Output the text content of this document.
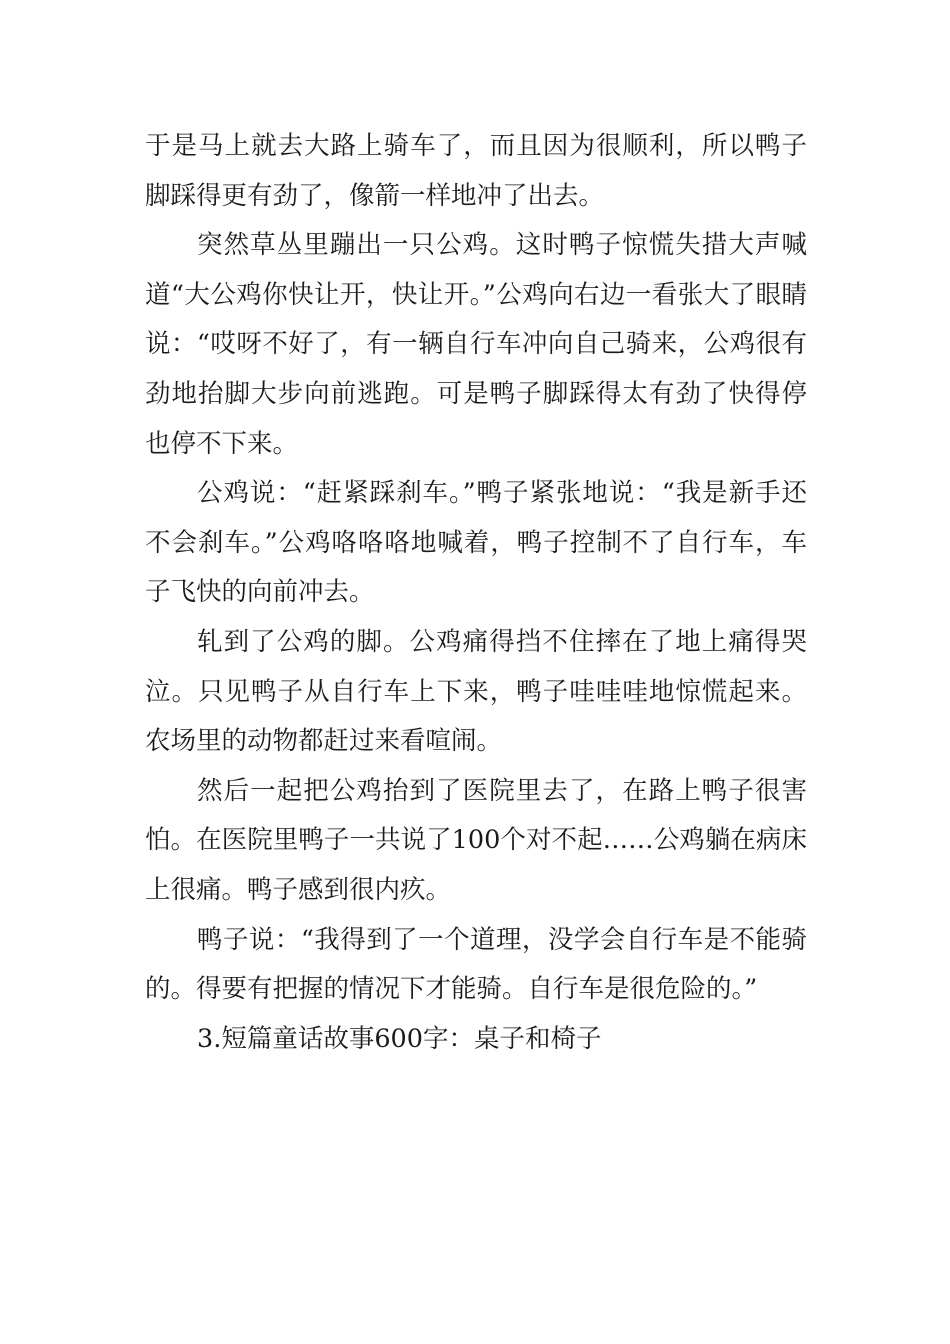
于是马上就去大路上骑车了，而且因为很顺利，所以鸭子脚踩得更有劲了，像箭一样地冲了出去。

突然草丛里蹦出一只公鸡。这时鸭子惊慌失措大声喊道“大公鸡你快让开，快让开。”公鸡向右边一看张大了眼睛说：“哎呀不好了，有一辆自行车冲向自己骑来，公鸡很有劲地抬脚大步向前逃跑。可是鸭子脚踩得太有劲了快得停也停不下来。

公鸡说：“赶紧踩刹车。”鸭子紧张地说：“我是新手还不会刹车。”公鸡咯咯咯地喊着，鸭子控制不了自行车，车子飞快的向前冲去。

轧到了公鸡的脚。公鸡痛得挡不住摔在了地上痛得哭泣。只见鸭子从自行车上下来，鸭子哇哇哇地惊慌起来。农场里的动物都赶过来看喧闹。

然后一起把公鸡抬到了医院里去了，在路上鸭子很害怕。在医院里鸭子一共说了100个对不起……公鸡躺在病床上很痛。鸭子感到很内疚。

鸭子说：“我得到了一个道理，没学会自行车是不能骑的。得要有把握的情况下才能骑。自行车是很危险的。”

3.短篇童话故事600字：桌子和椅子
